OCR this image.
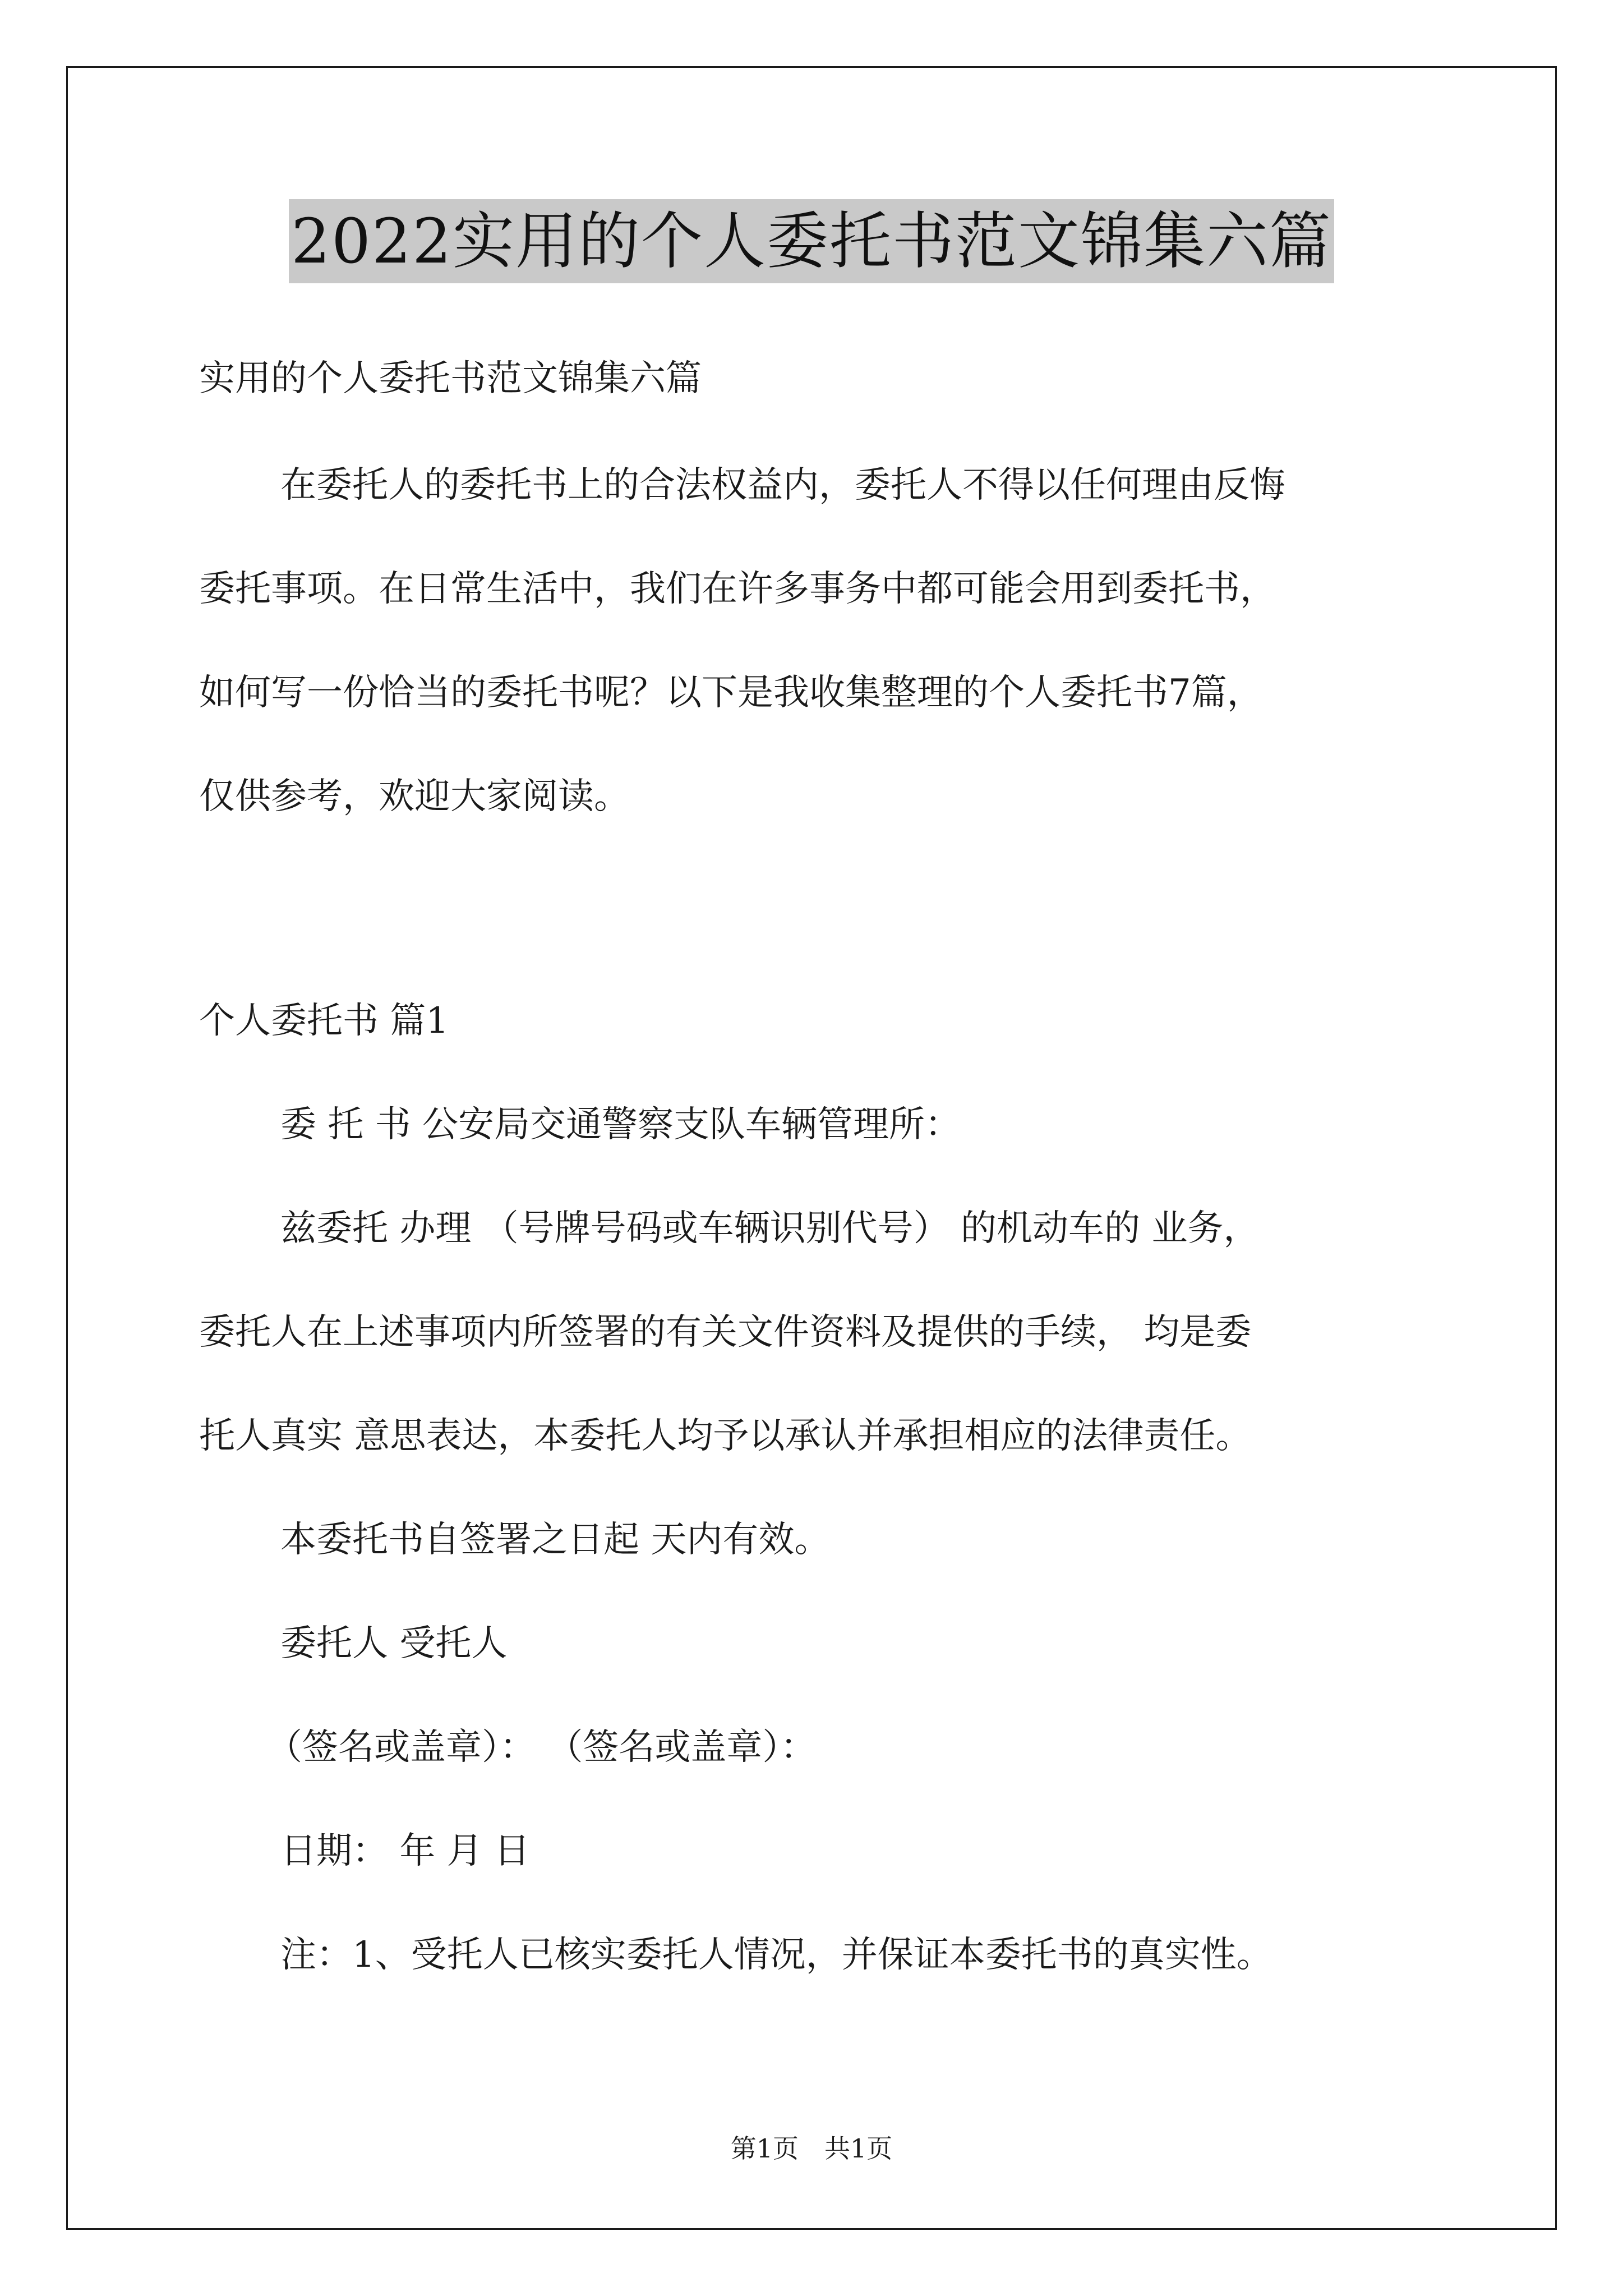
2022实用的个人委托书范文锦集六篇
实用的个人委托书范文锦集六篇
在委托人的委托书上的合法权益内，委托人不得以任何理由反悔
委托事项。在日常生活中，我们在许多事务中都可能会用到委托书，
如何写一份恰当的委托书呢？以下是我收集整理的个人委托书7篇，
仅供参考，欢迎大家阅读。
个人委托书 篇1
委 托 书 公安局交通警察支队车辆管理所：
兹委托 办理 （号牌号码或车辆识别代号） 的机动车的 业务，
委托人在上述事项内所签署的有关文件资料及提供的手续， 均是委
托人真实 意思表达，本委托人均予以承认并承担相应的法律责任。
本委托书自签署之日起 天内有效。
委托人 受托人
（签名或盖章）： （签名或盖章）：
日期： 年 月 日
注：1、受托人已核实委托人情况，并保证本委托书的真实性。
第1页　共1页
